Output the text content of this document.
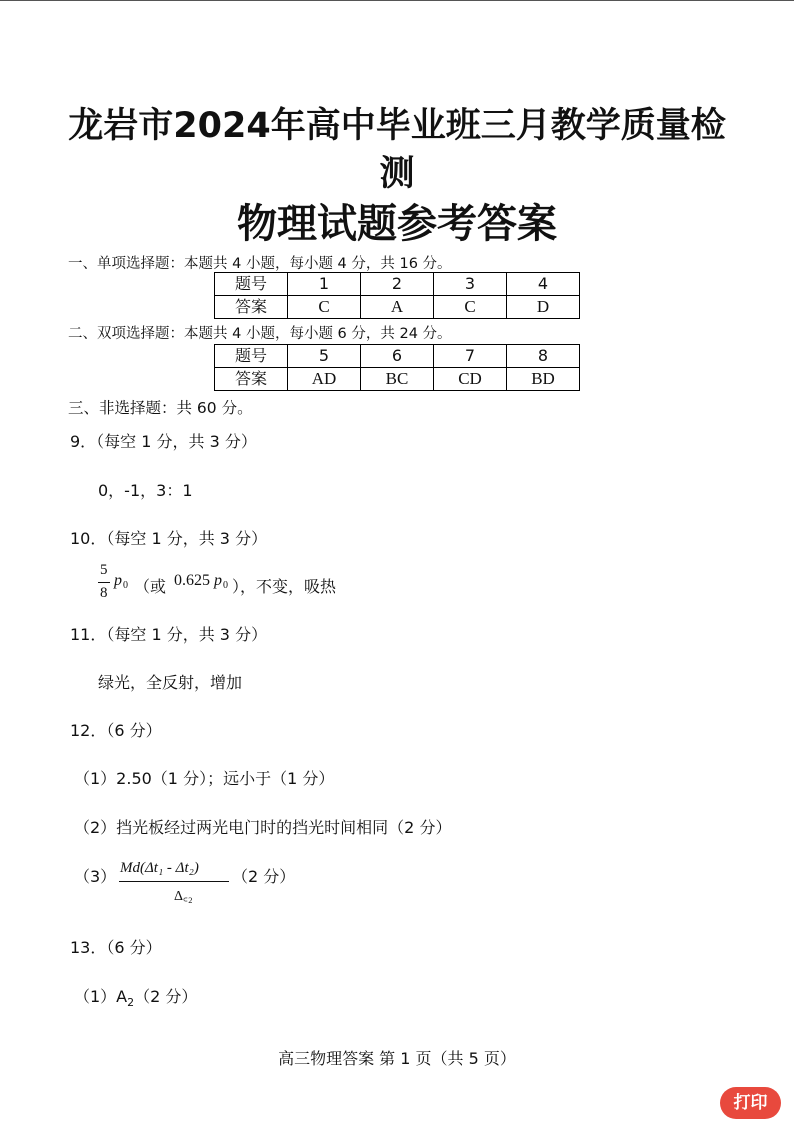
龙岩市2024年高中毕业班三月教学质量检
测
物理试题参考答案
一、单项选择题：本题共 4 小题，每小题 4 分，共 16 分。
题号	1	2	3	4
答案	C	A	C	D
二、双项选择题：本题共 4 小题，每小题 6 分，共 24 分。
题号	5	6	7	8
答案	AD	BC	CD	BD
三、非选择题：共 60 分。
9．（每空 1 分，共 3 分）
0，-1，3：1
10．（每空 1 分，共 3 分）
5
8
p 0 （或 0.625 p 0 ），不变，吸热
11．（每空 1 分，共 3 分）
绿光，全反射，增加
12．（6 分）
（1）2.50（1 分）；远小于（1 分）
（2）挡光板经过两光电门时的挡光时间相同（2 分）
（3） Md(Δt₁ - Δt₂)
Δ꜀₂
（2 分）
13．（6 分）
$(1)A_2(2$ 分）
高三物理答案 第 1 页（共 5 页）
打印
